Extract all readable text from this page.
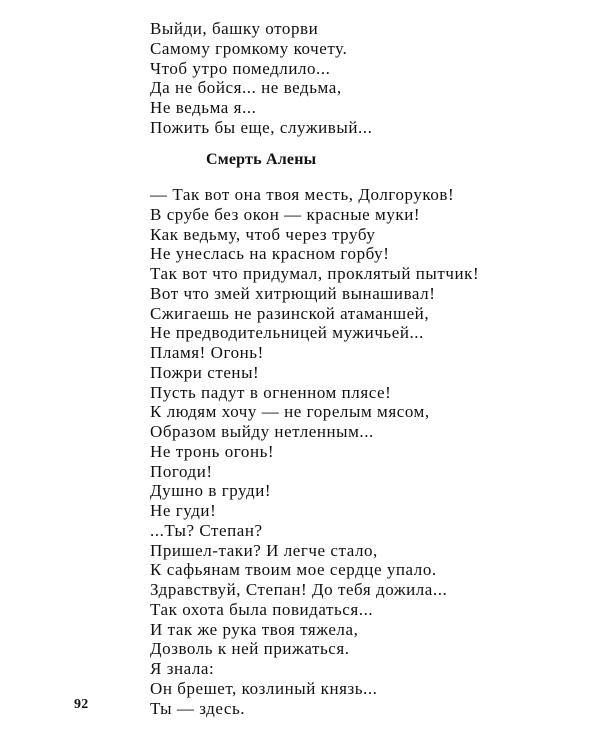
Выйди, башку оторви
Самому громкому кочету.
Чтоб утро помедлило...
Да не бойся... не ведьма,
Не ведьма я...
Пожить бы еще, служивый...
Смерть Алены
— Так вот она твоя месть, Долгоруков!
В срубе без окон — красные муки!
Как ведьму, чтоб через трубу
Не унеслась на красном горбу!
Так вот что придумал, проклятый пытчик!
Вот что змей хитрющий вынашивал!
Сжигаешь не разинской атаманшей,
Не предводительницей мужичьей...
Пламя! Огонь!
Пожри стены!
Пусть падут в огненном плясе!
К людям хочу — не горелым мясом,
Образом выйду нетленным...
Не тронь огонь!
Погоди!
Душно в груди!
Не гуди!
...Ты? Степан?
Пришел-таки? И легче стало,
К сафьянам твоим мое сердце упало.
Здравствуй, Степан! До тебя дожила...
Так охота была повидаться...
И так же рука твоя тяжела,
Дозволь к ней прижаться.
Я знала:
Он брешет, козлиный князь...
Ты — здесь.
92
